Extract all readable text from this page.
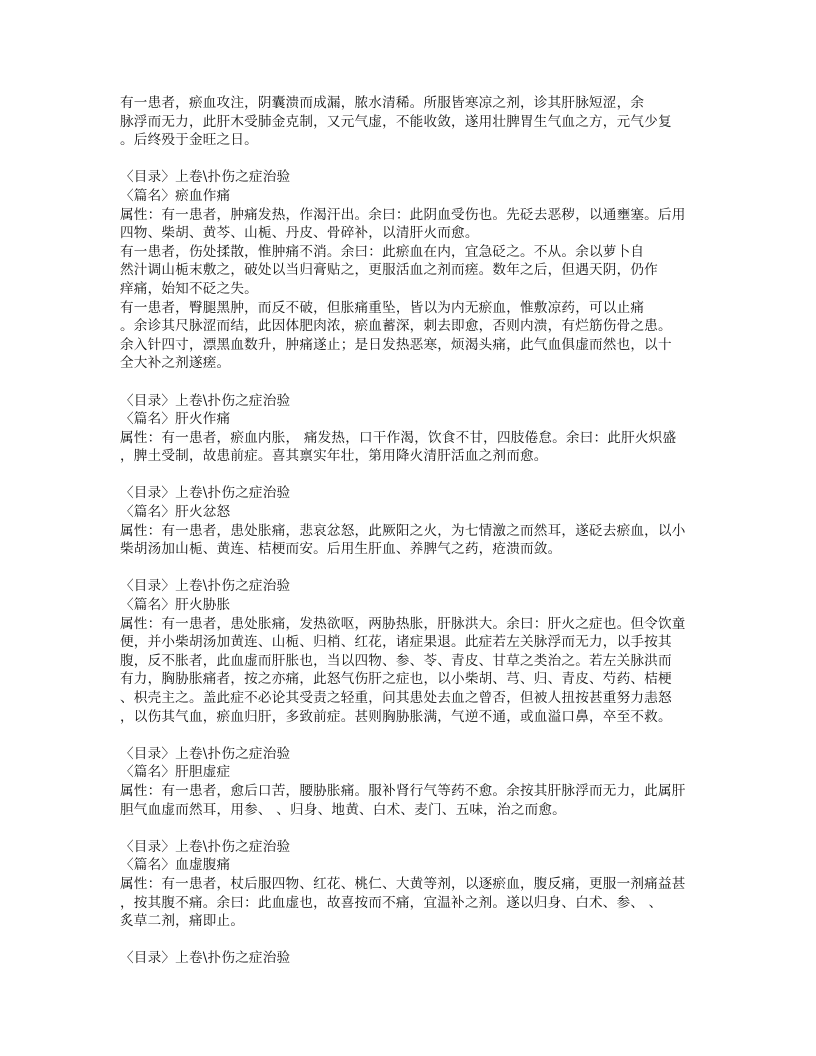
有一患者，瘀血攻注，阴囊溃而成漏，脓水清稀。所服皆寒凉之剂，诊其肝脉短涩，余
脉浮而无力，此肝木受肺金克制，又元气虚，不能收敛，遂用壮脾胃生气血之方，元气少复
。后终殁于金旺之日。
〈目录〉上卷\扑伤之症治验
〈篇名〉瘀血作痛
属性：有一患者，肿痛发热，作渴汗出。余曰：此阴血受伤也。先砭去恶秽，以通壅塞。后用
四物、柴胡、黄芩、山栀、丹皮、骨碎补，以清肝火而愈。
有一患者，伤处揉散，惟肿痛不消。余曰：此瘀血在内，宜急砭之。不从。余以萝卜自
然汁调山栀末敷之，破处以当归膏贴之，更服活血之剂而瘥。数年之后，但遇天阴，仍作
痒痛，始知不砭之失。
有一患者，臀腿黑肿，而反不破，但胀痛重坠，皆以为内无瘀血，惟敷凉药，可以止痛
。余诊其尺脉涩而结，此因体肥肉浓，瘀血蓄深，刺去即愈，否则内溃，有烂筋伤骨之患。
余入针四寸，漂黑血数升，肿痛遂止；是日发热恶寒，烦渴头痛，此气血俱虚而然也，以十
全大补之剂遂瘥。
〈目录〉上卷\扑伤之症治验
〈篇名〉肝火作痛
属性：有一患者，瘀血内胀， 痛发热，口干作渴，饮食不甘，四肢倦怠。余曰：此肝火炽盛
，脾土受制，故患前症。喜其禀实年壮，第用降火清肝活血之剂而愈。
〈目录〉上卷\扑伤之症治验
〈篇名〉肝火忿怒
属性：有一患者，患处胀痛，悲哀忿怒，此厥阳之火，为七情激之而然耳，遂砭去瘀血，以小
柴胡汤加山栀、黄连、桔梗而安。后用生肝血、养脾气之药，疮溃而敛。
〈目录〉上卷\扑伤之症治验
〈篇名〉肝火胁胀
属性：有一患者，患处胀痛，发热欲呕，两胁热胀，肝脉洪大。余曰：肝火之症也。但令饮童
便，并小柴胡汤加黄连、山栀、归梢、红花，诸症果退。此症若左关脉浮而无力，以手按其
腹，反不胀者，此血虚而肝胀也，当以四物、参、苓、青皮、甘草之类治之。若左关脉洪而
有力，胸胁胀痛者，按之亦痛，此怒气伤肝之症也，以小柴胡、芎、归、青皮、芍药、桔梗
、枳壳主之。盖此症不必论其受责之轻重，问其患处去血之曾否，但被人扭按甚重努力恚怒
，以伤其气血，瘀血归肝，多致前症。甚则胸胁胀满，气逆不通，或血溢口鼻，卒至不救。
〈目录〉上卷\扑伤之症治验
〈篇名〉肝胆虚症
属性：有一患者，愈后口苦，腰胁胀痛。服补肾行气等药不愈。余按其肝脉浮而无力，此属肝
胆气血虚而然耳，用参、 、归身、地黄、白术、麦门、五味，治之而愈。
〈目录〉上卷\扑伤之症治验
〈篇名〉血虚腹痛
属性：有一患者，杖后服四物、红花、桃仁、大黄等剂，以逐瘀血，腹反痛，更服一剂痛益甚
，按其腹不痛。余曰：此血虚也，故喜按而不痛，宜温补之剂。遂以归身、白术、参、 、
炙草二剂，痛即止。
〈目录〉上卷\扑伤之症治验
